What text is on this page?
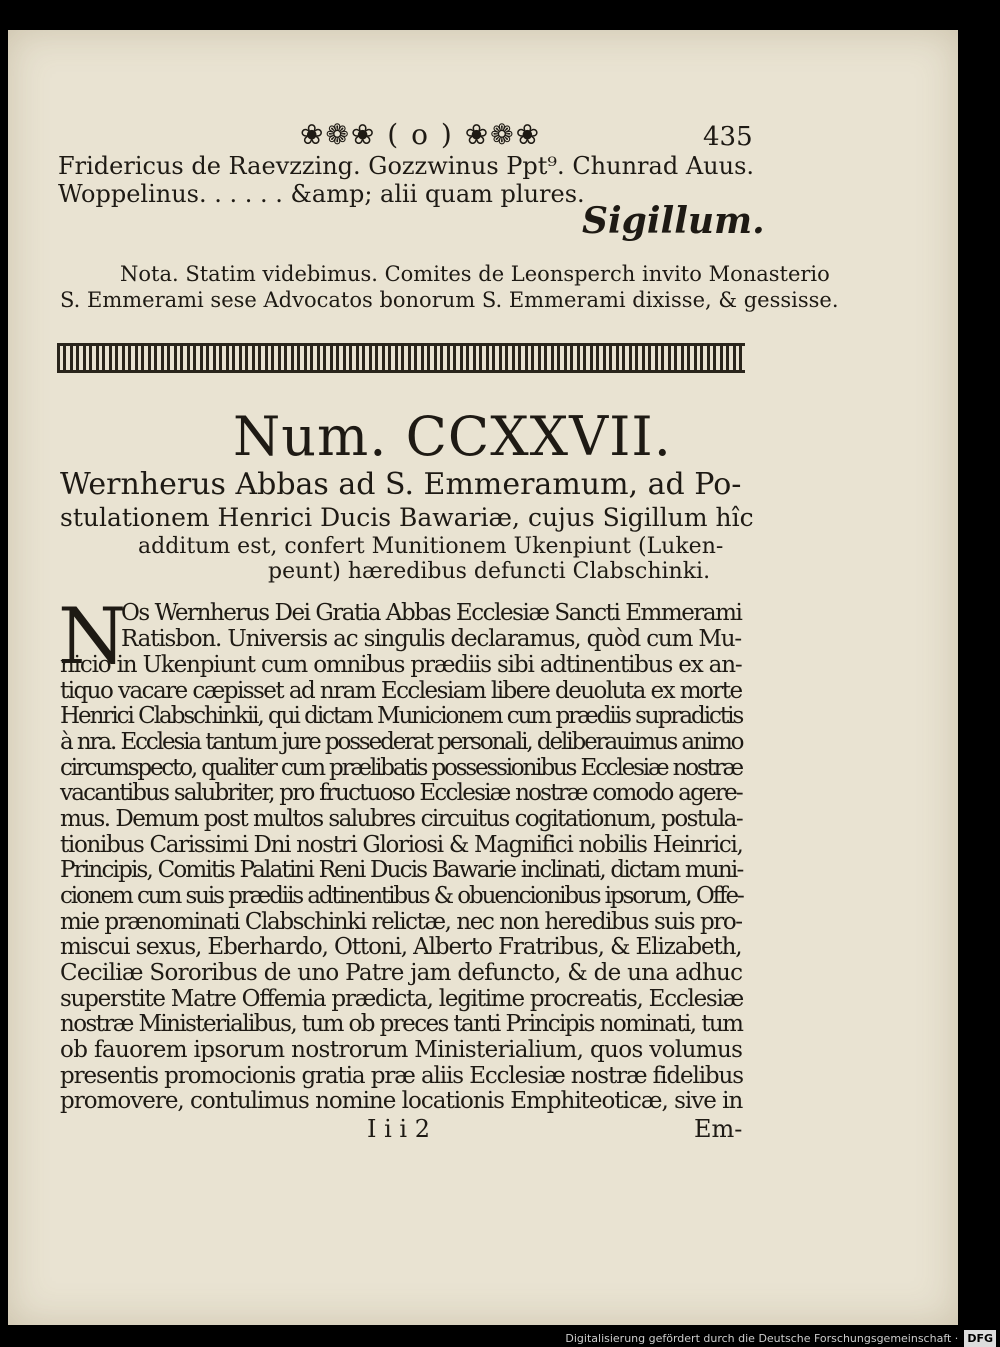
❀❁❀ ( o ) ❀❁❀	435
Fridericus de Raevzzing. Gozzwinus Ppt⁹. Chunrad Auus.
Woppelinus. . . . . . &amp; alii quam plures.
Sigillum.
Nota. Statim videbimus. Comites de Leonsperch invito Monasterio
S. Emmerami sese Advocatos bonorum S. Emmerami dixisse, & gessisse.
Num. CCXXVII.
Wernherus Abbas ad S. Emmeramum, ad Po-
stulationem Henrici Ducis Bawariæ, cujus Sigillum hîc
additum est, confert Munitionem Ukenpiunt (Luken-
peunt) hæredibus defuncti Clabschinki.
N
Os Wernherus Dei Gratia Abbas Ecclesiæ Sancti Emmerami
Ratisbon. Universis ac singulis declaramus, quòd cum Mu-
nicio in Ukenpiunt cum omnibus prædiis sibi adtinentibus ex an-
tiquo vacare cæpisset ad nram Ecclesiam libere deuoluta ex morte
Henrici Clabschinkii, qui dictam Municionem cum prædiis supradictis
à nra. Ecclesia tantum jure possederat personali, deliberauimus animo
circumspecto, qualiter cum prælibatis possessionibus Ecclesiæ nostræ
vacantibus salubriter, pro fructuoso Ecclesiæ nostræ comodo agere-
mus. Demum post multos salubres circuitus cogitationum, postula-
tionibus Carissimi Dni nostri Gloriosi & Magnifici nobilis Heinrici,
Principis, Comitis Palatini Reni Ducis Bawarie inclinati, dictam muni-
cionem cum suis prædiis adtinentibus & obuencionibus ipsorum, Offe-
mie prænominati Clabschinki relictæ, nec non heredibus suis pro-
miscui sexus, Eberhardo, Ottoni, Alberto Fratribus, & Elizabeth,
Ceciliæ Sororibus de uno Patre jam defuncto, & de una adhuc
superstite Matre Offemia prædicta, legitime procreatis, Ecclesiæ
nostræ Ministerialibus, tum ob preces tanti Principis nominati, tum
ob fauorem ipsorum nostrorum Ministerialium, quos volumus
presentis promocionis gratia præ aliis Ecclesiæ nostræ fidelibus
promovere, contulimus nomine locationis Emphiteoticæ, sive in
I i i 2	Em-
Digitalisierung gefördert durch die Deutsche Forschungsgemeinschaft · DFG
